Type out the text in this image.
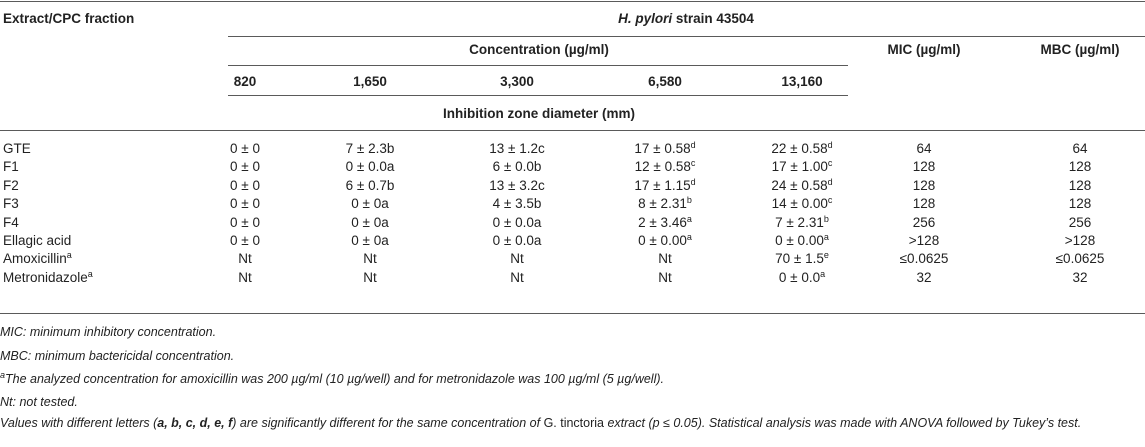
Extract/CPC fraction	H. pylori strain 43504
Concentration (µg/ml)	MIC (µg/ml)	MBC (µg/ml)
820	1,650	3,300	6,580	13,160
Inhibition zone diameter (mm)
GTE	0 ± 0	7 ± 2.3b	13 ± 1.2c	17 ± 0.58$^d$	22 ± 0.58$^d$	64	64
F1	0 ± 0	0 ± 0.0a	6 ± 0.0b	12 ± 0.58$^c$	17 ± 1.00$^c$	128	128
F2	0 ± 0	6 ± 0.7b	13 ± 3.2c	17 ± 1.15$^d$	24 ± 0.58$^d$	128	128
F3	0 ± 0	0 ± 0a	4 ± 3.5b	8 ± 2.31$^b$	14 ± 0.00$^c$	128	128
F4	0 ± 0	0 ± 0a	0 ± 0.0a	2 ± 3.46$^a$	7 ± 2.31$^b$	256	256
Ellagic acid	0 ± 0	0 ± 0a	0 ± 0.0a	0 ± 0.00$^a$	0 ± 0.00$^a$	>128	>128
Amoxicillin$^a$	Nt	Nt	Nt	Nt	70 ± 1.5$^e$	≤0.0625	≤0.0625
Metronidazole$^a$	Nt	Nt	Nt	Nt	0 ± 0.0$^a$	32	32
MIC: minimum inhibitory concentration.
MBC: minimum bactericidal concentration.
$^a$The analyzed concentration for amoxicillin was 200 µg/ml (10 µg/well) and for metronidazole was 100 µg/ml (5 µg/well).
Nt: not tested.
Values with different letters (a, b, c, d, e, f) are significantly different for the same concentration of G. tinctoria extract (p ≤ 0.05). Statistical analysis was made with ANOVA followed by Tukey’s test.
